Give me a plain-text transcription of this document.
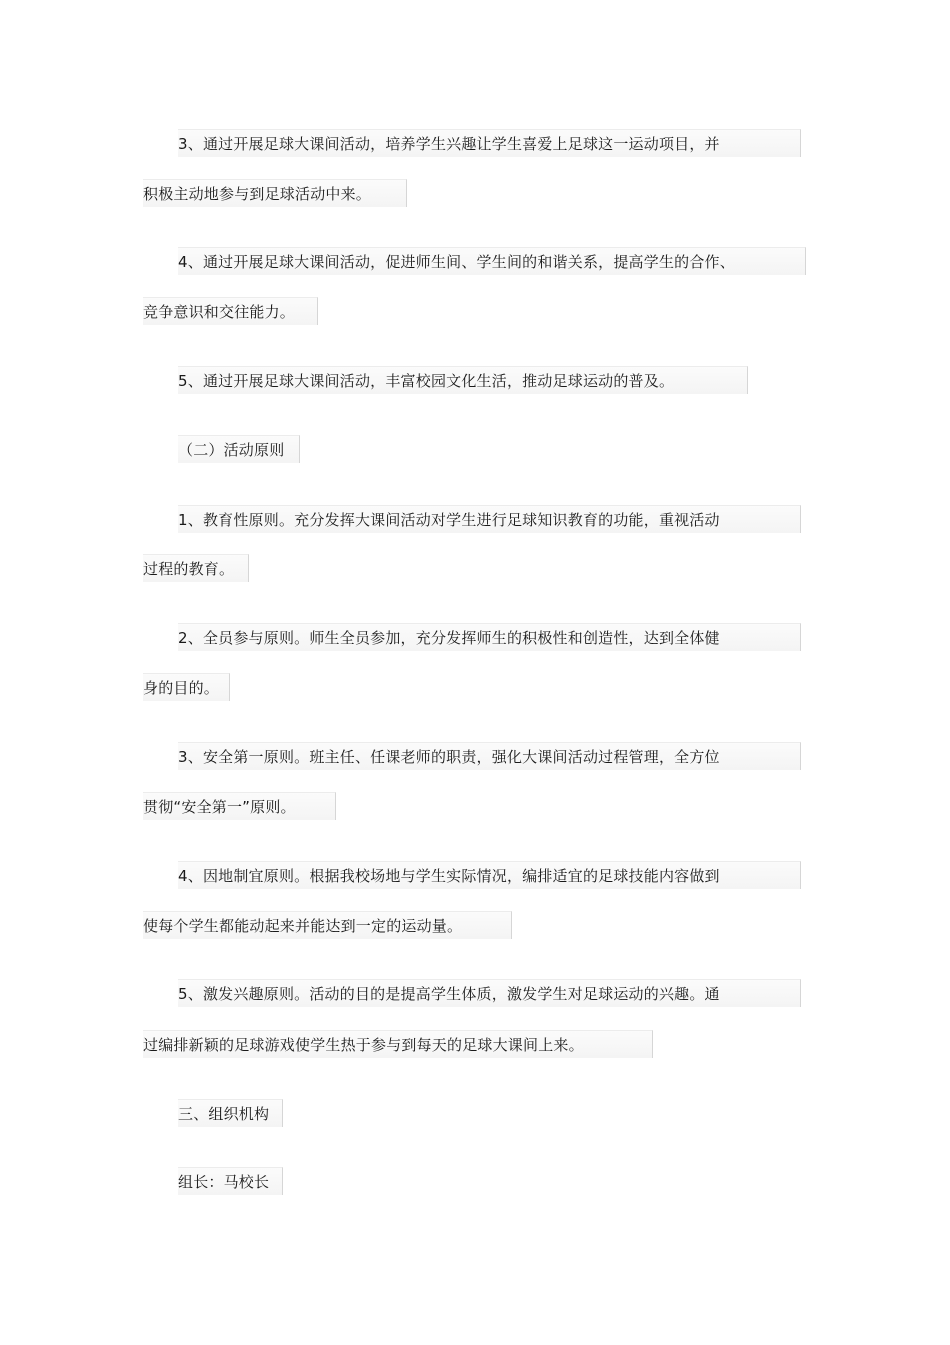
3、通过开展足球大课间活动，培养学生兴趣让学生喜爱上足球这一运动项目，并
积极主动地参与到足球活动中来。
4、通过开展足球大课间活动，促进师生间、学生间的和谐关系，提高学生的合作、
竞争意识和交往能力。
5、通过开展足球大课间活动，丰富校园文化生活，推动足球运动的普及。
（二）活动原则
1、教育性原则。充分发挥大课间活动对学生进行足球知识教育的功能，重视活动
过程的教育。
2、全员参与原则。师生全员参加，充分发挥师生的积极性和创造性，达到全体健
身的目的。
3、安全第一原则。班主任、任课老师的职责，强化大课间活动过程管理，全方位
贯彻“安全第一”原则。
4、因地制宜原则。根据我校场地与学生实际情况，编排适宜的足球技能内容做到
使每个学生都能动起来并能达到一定的运动量。
5、激发兴趣原则。活动的目的是提高学生体质，激发学生对足球运动的兴趣。通
过编排新颖的足球游戏使学生热于参与到每天的足球大课间上来。
三、组织机构
组长：马校长
